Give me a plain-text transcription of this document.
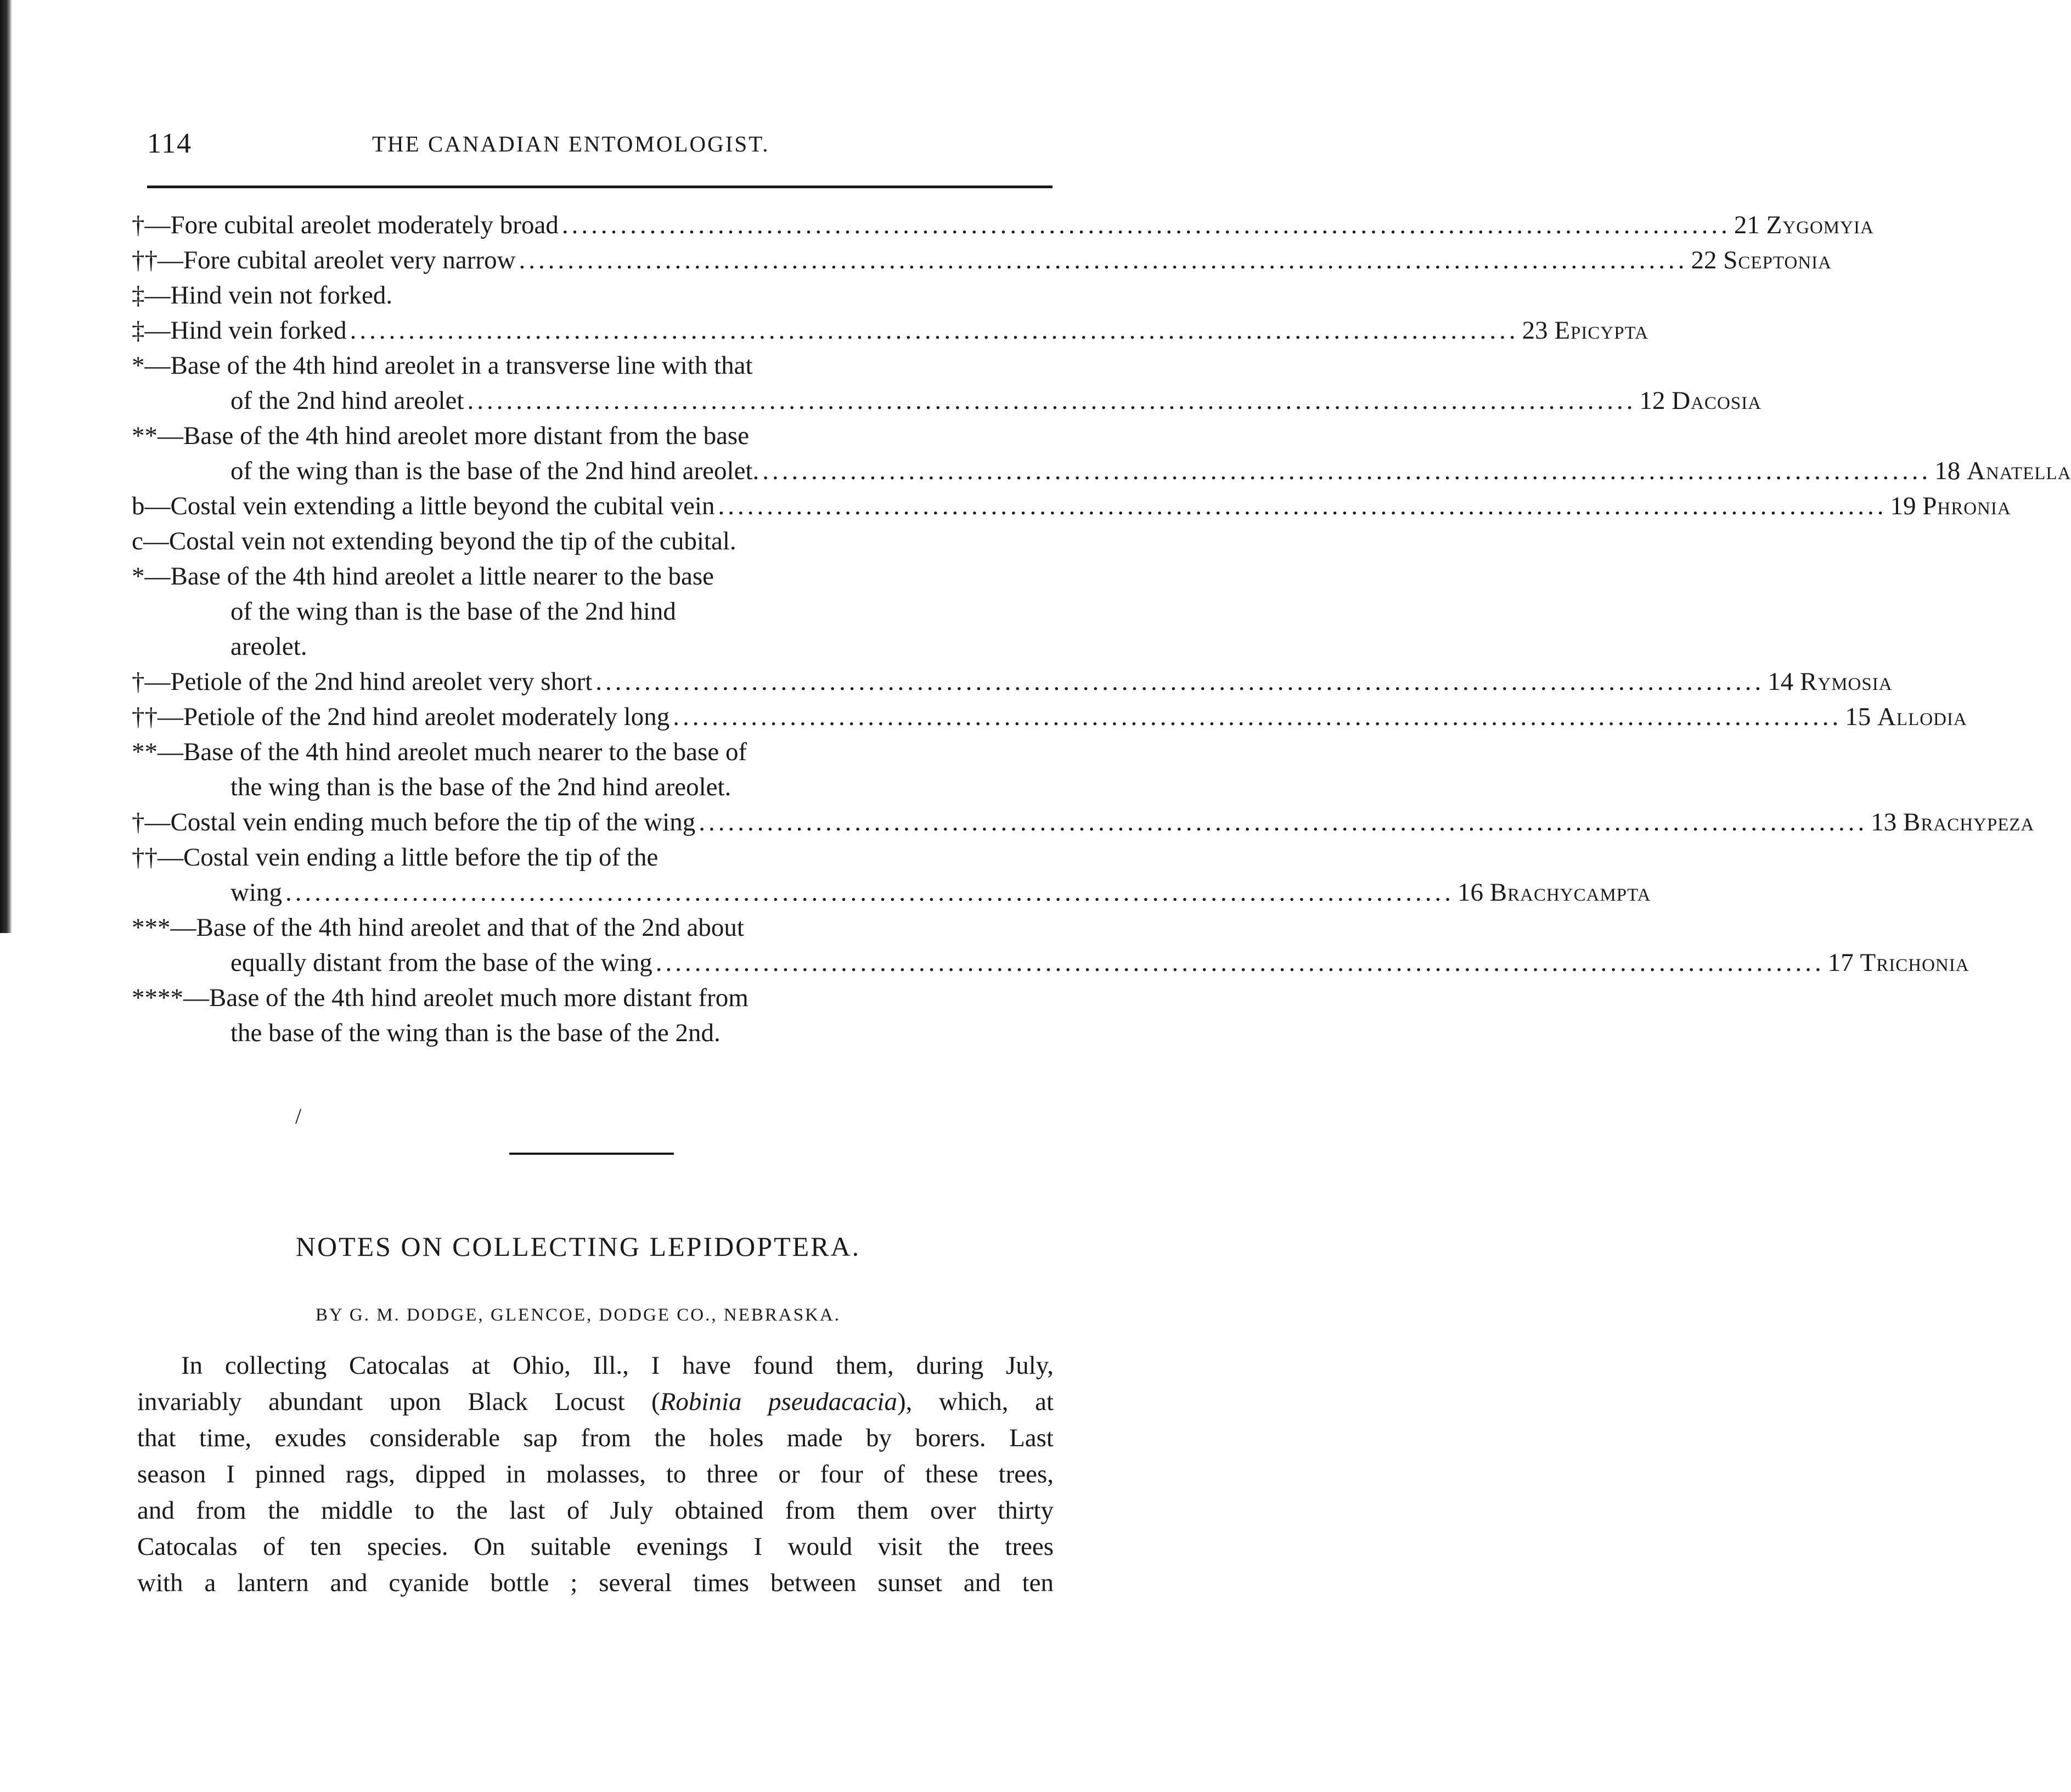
114	THE CANADIAN ENTOMOLOGIST.
†—Fore cubital areolet moderately broad ........................................................................................................................ 21 Zygomyia
††—Fore cubital areolet very narrow ........................................................................................................................ 22 Sceptonia
‡—Hind vein not forked.
‡—Hind vein forked ........................................................................................................................ 23 Epicypta
*—Base of the 4th hind areolet in a transverse line with that
of the 2nd hind areolet ........................................................................................................................ 12 Dacosia
**—Base of the 4th hind areolet more distant from the base
of the wing than is the base of the 2nd hind areolet. ........................................................................................................................ 18 Anatella
b—Costal vein extending a little beyond the cubital vein ........................................................................................................................ 19 Phronia
c—Costal vein not extending beyond the tip of the cubital.
*—Base of the 4th hind areolet a little nearer to the base
of the wing than is the base of the 2nd hind
areolet.
†—Petiole of the 2nd hind areolet very short ........................................................................................................................ 14 Rymosia
††—Petiole of the 2nd hind areolet moderately long ........................................................................................................................ 15 Allodia
**—Base of the 4th hind areolet much nearer to the base of
the wing than is the base of the 2nd hind areolet.
†—Costal vein ending much before the tip of the wing ........................................................................................................................ 13 Brachypeza
††—Costal vein ending a little before the tip of the
wing ........................................................................................................................ 16 Brachycampta
***—Base of the 4th hind areolet and that of the 2nd about
equally distant from the base of the wing ........................................................................................................................ 17 Trichonia
****—Base of the 4th hind areolet much more distant from
the base of the wing than is the base of the 2nd.
/
NOTES ON COLLECTING LEPIDOPTERA.
BY G. M. DODGE, GLENCOE, DODGE CO., NEBRASKA.
In collecting Catocalas at Ohio, Ill., I have found them, during July,
invariably abundant upon Black Locust (Robinia pseudacacia), which, at
that time, exudes considerable sap from the holes made by borers. Last
season I pinned rags, dipped in molasses, to three or four of these trees,
and from the middle to the last of July obtained from them over thirty
Catocalas of ten species. On suitable evenings I would visit the trees
with a lantern and cyanide bottle ; several times between sunset and ten
